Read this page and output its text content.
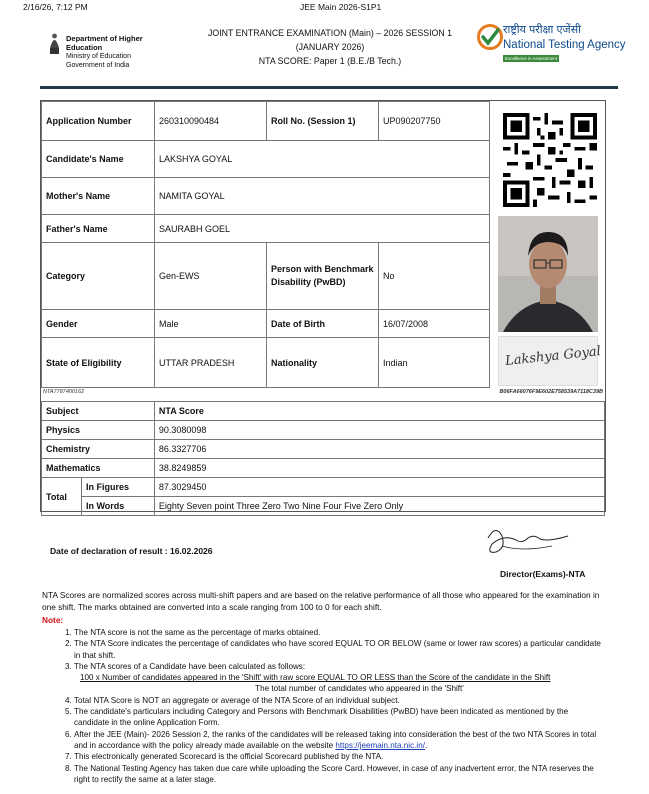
2/16/26, 7:12 PM	JEE Main 2026-S1P1
Department of Higher Education
Ministry of Education
Government of India
JOINT ENTRANCE EXAMINATION (Main) – 2026 SESSION 1
(JANUARY 2026)
NTA SCORE: Paper 1 (B.E./B Tech.)
राष्ट्रीय परीक्षा एजेंसी
National Testing Agency
Excellence in Assessment
Application Number	260310090484	Roll No. (Session 1)	UP090207750
Candidate's Name	LAKSHYA GOYAL		
Mother's Name	NAMITA GOYAL		
Father's Name	SAURABH GOEL		
Category	Gen-EWS	Person with Benchmark Disability (PwBD)	No
Gender	Male	Date of Birth	16/07/2008
State of Eligibility	UTTAR PRADESH	Nationality	Indian	Lakshya Goyal
NTA7787400162	B06FA66076F9E602E758539A7118C39B
Subject		NTA Score
Physics		90.3080098
Chemistry		86.3327706
Mathematics		38.8249859
Total	In Figures	87.3029450
	In Words	Eighty Seven point Three Zero Two Nine Four Five Zero Only
Date of declaration of result : 16.02.2026
Director(Exams)-NTA
NTA Scores are normalized scores across multi-shift papers and are based on the relative performance of all those who appeared for the examination in one shift. The marks obtained are converted into a scale ranging from 100 to 0 for each shift.
Note:
1. The NTA score is not the same as the percentage of marks obtained.
2. The NTA Score indicates the percentage of candidates who have scored EQUAL TO OR BELOW (same or lower raw scores) a particular candidate in that shift.
3. The NTA scores of a Candidate have been calculated as follows:
100 x Number of candidates appeared in the 'Shift' with raw score EQUAL TO OR LESS than the Score of the candidate in the Shift
The total number of candidates who appeared in the 'Shift'
4. Total NTA Score is NOT an aggregate or average of the NTA Score of an individual subject.
5. The candidate's particulars including Category and Persons with Benchmark Disabilities (PwBD) have been indicated as mentioned by the candidate in the online Application Form.
6. After the JEE (Main)- 2026 Session 2, the ranks of the candidates will be released taking into consideration the best of the two NTA Scores in total and in accordance with the policy already made available on the website https://jeemain.nta.nic.in/.
7. This electronically generated Scorecard is the official Scorecard published by the NTA.
8. The National Testing Agency has taken due care while uploading the Score Card. However, in case of any inadvertent error, the NTA reserves the right to rectify the same at a later stage.
